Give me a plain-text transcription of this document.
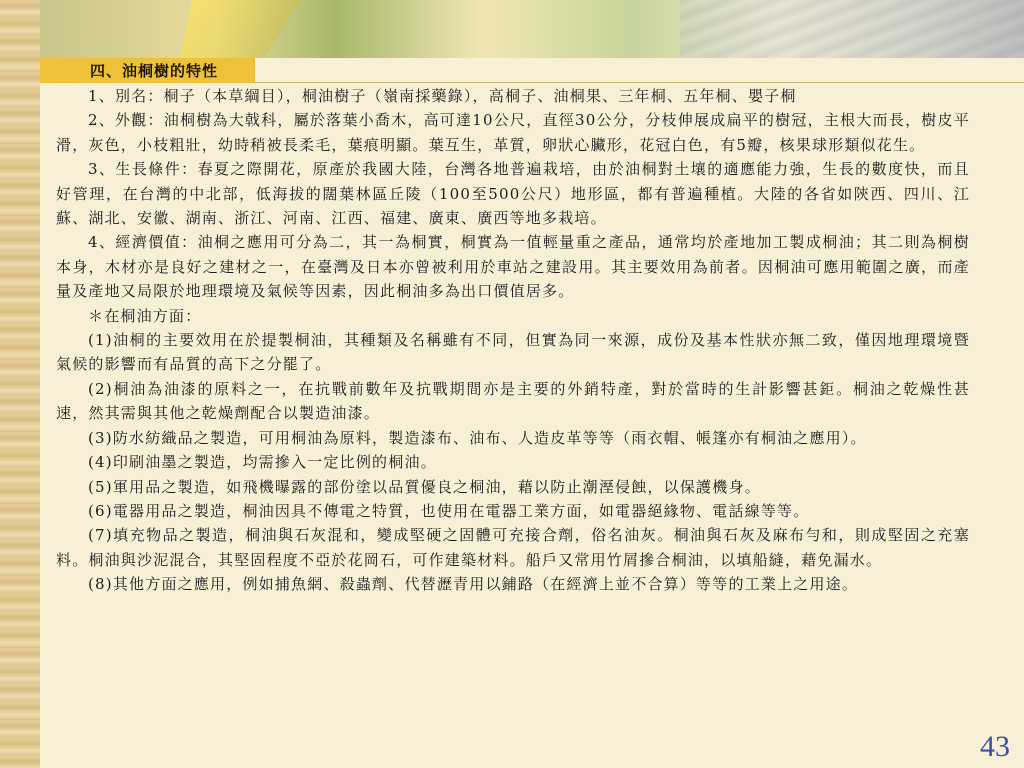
四、油桐樹的特性

1、別名：桐子（本草綱目），桐油樹子（嶺南採藥錄），高桐子、油桐果、三年桐、五年桐、嬰子桐

2、外觀：油桐樹為大戟科，屬於落葉小喬木，高可達10公尺，直徑30公分，分枝伸展成扁平的樹冠，主根大而長，樹皮平滑，灰色，小枝粗壯，幼時稍被長柔毛，葉痕明顯。葉互生，革質，卵狀心臟形，花冠白色，有5瓣，核果球形類似花生。

3、生長條件：春夏之際開花，原產於我國大陸，台灣各地普遍栽培，由於油桐對土壤的適應能力強，生長的數度快，而且好管理，在台灣的中北部，低海拔的闊葉林區丘陵（100至500公尺）地形區，都有普遍種植。大陸的各省如陝西、四川、江蘇、湖北、安徽、湖南、浙江、河南、江西、福建、廣東、廣西等地多栽培。

4、經濟價值：油桐之應用可分為二，其一為桐實，桐實為一值輕量重之產品，通常均於產地加工製成桐油；其二則為桐樹本身，木材亦是良好之建材之一，在臺灣及日本亦曾被利用於車站之建設用。其主要效用為前者。因桐油可應用範圍之廣，而產量及產地又局限於地理環境及氣候等因素，因此桐油多為出口價值居多。

＊在桐油方面：

(1)油桐的主要效用在於提製桐油，其種類及名稱雖有不同，但實為同一來源，成份及基本性狀亦無二致，僅因地理環境暨氣候的影響而有品質的高下之分罷了。

(2)桐油為油漆的原料之一，在抗戰前數年及抗戰期間亦是主要的外銷特產，對於當時的生計影響甚鉅。桐油之乾燥性甚速，然其需與其他之乾燥劑配合以製造油漆。

(3)防水紡織品之製造，可用桐油為原料，製造漆布、油布、人造皮革等等（雨衣帽、帳篷亦有桐油之應用）。

(4)印刷油墨之製造，均需摻入一定比例的桐油。

(5)軍用品之製造，如飛機曝露的部份塗以品質優良之桐油，藉以防止潮溼侵蝕，以保護機身。

(6)電器用品之製造，桐油因具不傳電之特質，也使用在電器工業方面，如電器絕緣物、電話線等等。

(7)填充物品之製造，桐油與石灰混和，變成堅硬之固體可充接合劑，俗名油灰。桐油與石灰及麻布勻和，則成堅固之充塞料。桐油與沙泥混合，其堅固程度不亞於花岡石，可作建築材料。船戶又常用竹屑摻合桐油，以填船縫，藉免漏水。

(8)其他方面之應用，例如捕魚網、殺蟲劑、代替瀝青用以鋪路（在經濟上並不合算）等等的工業上之用途。

43
